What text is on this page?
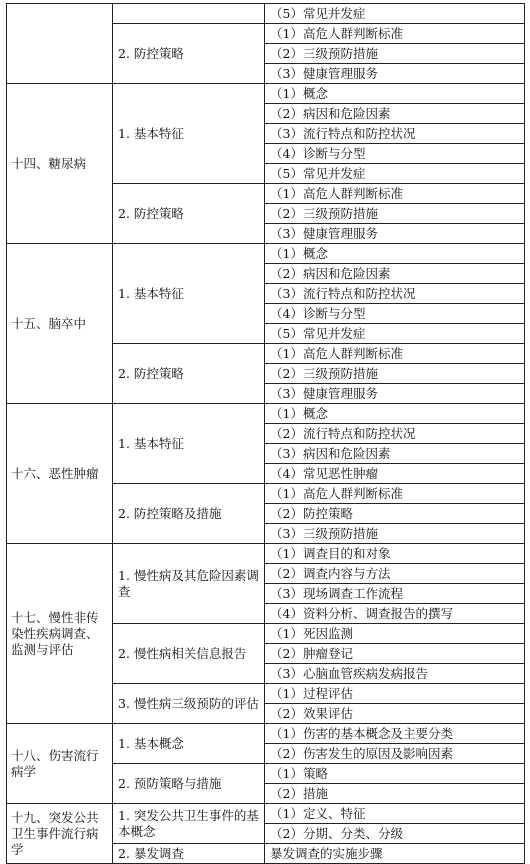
		（5）常见并发症
	2. 防控策略	（1）高危人群判断标准
		（2）三级预防措施
		（3）健康管理服务
十四、糖尿病	1. 基本特征	（1）概念
		（2）病因和危险因素
		（3）流行特点和防控状况
		（4）诊断与分型
		（5）常见并发症
	2. 防控策略	（1）高危人群判断标准
		（2）三级预防措施
		（3）健康管理服务
十五、脑卒中	1. 基本特征	（1）概念
		（2）病因和危险因素
		（3）流行特点和防控状况
		（4）诊断与分型
		（5）常见并发症
	2. 防控策略	（1）高危人群判断标准
		（2）三级预防措施
		（3）健康管理服务
十六、恶性肿瘤	1. 基本特征	（1）概念
		（2）流行特点和防控状况
		（3）病因和危险因素
		（4）常见恶性肿瘤
	2. 防控策略及措施	（1）高危人群判断标准
		（2）防控策略
		（3）三级预防措施
十七、慢性非传染性疾病调查、监测与评估	1. 慢性病及其危险因素调查	（1）调查目的和对象
		（2）调查内容与方法
		（3）现场调查工作流程
		（4）资料分析、调查报告的撰写
	2. 慢性病相关信息报告	（1）死因监测
		（2）肿瘤登记
		（3）心脑血管疾病发病报告
	3. 慢性病三级预防的评估	（1）过程评估
		（2）效果评估
十八、伤害流行病学	1. 基本概念	（1）伤害的基本概念及主要分类
		（2）伤害发生的原因及影响因素
	2. 预防策略与措施	（1）策略
		（2）措施
十九、突发公共卫生事件流行病学	1. 突发公共卫生事件的基本概念	（1）定义、特征
		（2）分期、分类、分级
	2. 暴发调查	暴发调查的实施步骤
